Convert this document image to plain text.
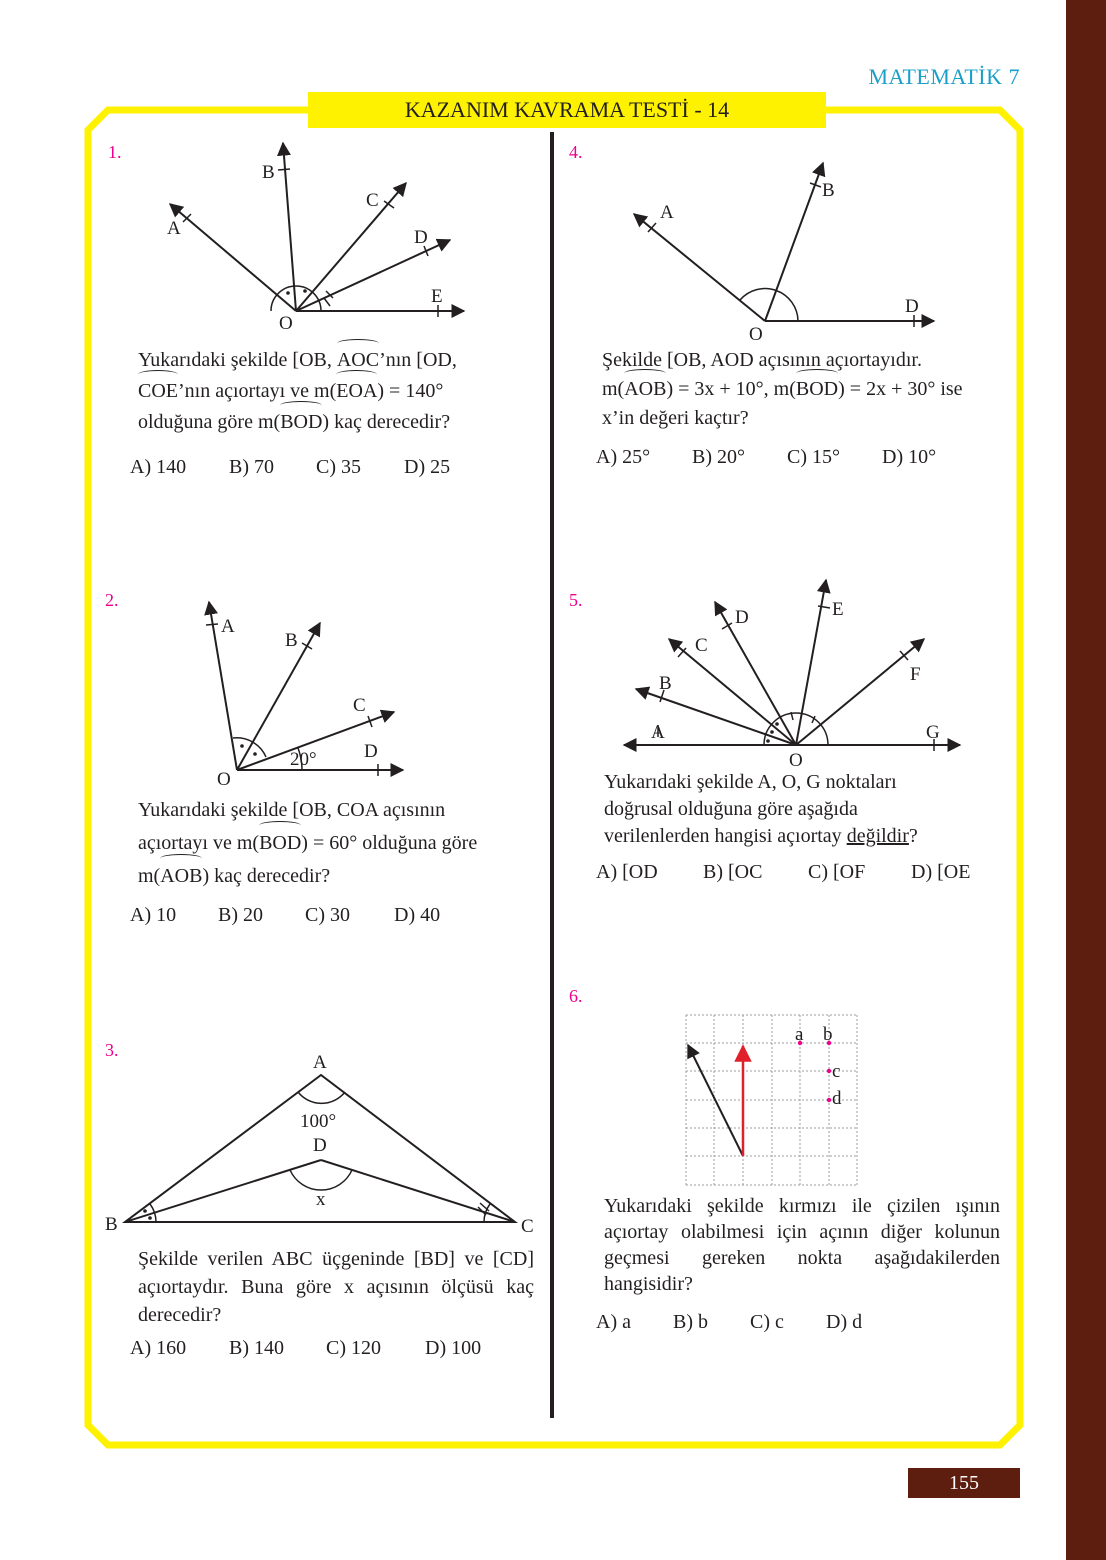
MATEMATİK 7
KAZANIM KAVRAMA TESTİ - 14
1.
A
B
C
D
E
O
Yukarıdaki şekilde [OB, AOC’nın [OD,
COE’nın açıortayı ve m(EOA) = 140°
olduğuna göre m(BOD) kaç derecedir?
A) 140	B) 70	C) 35	D) 25
2.
A
B
C
D
20°
O
Yukarıdaki şekilde [OB, COA açısının
açıortayı ve m(BOD) = 60° olduğuna göre
m(AOB) kaç derecedir?
A) 10	B) 20	C) 30	D) 40
3.
A
100°
D
x
B	C
Şekilde verilen ABC üçgeninde [BD] ve [CD] açıortaydır. Buna göre x açısının ölçüsü kaç derecedir?
A) 160	B) 140	C) 120	D) 100
4.
A
B
D
O
Şekilde [OB, AOD açısının açıortayıdır.
m(AOB) = 3x + 10°, m(BOD) = 2x + 30° ise
x’in değeri kaçtır?
A) 25°	B) 20°	C) 15°	D) 10°
5.
A
B
C
D	E
F
G
O
Yukarıdaki şekilde A, O, G noktaları
doğrusal olduğuna göre aşağıda
verilenlerden hangisi açıortay değildir?
A) [OD	B) [OC	C) [OF	D) [OE
6.
a b
c
d
Yukarıdaki şekilde kırmızı ile çizilen ışının açıortay olabilmesi için açının diğer kolunun geçmesi gereken nokta aşağıdakilerden hangisidir?
A) a	B) b	C) c	D) d
155
